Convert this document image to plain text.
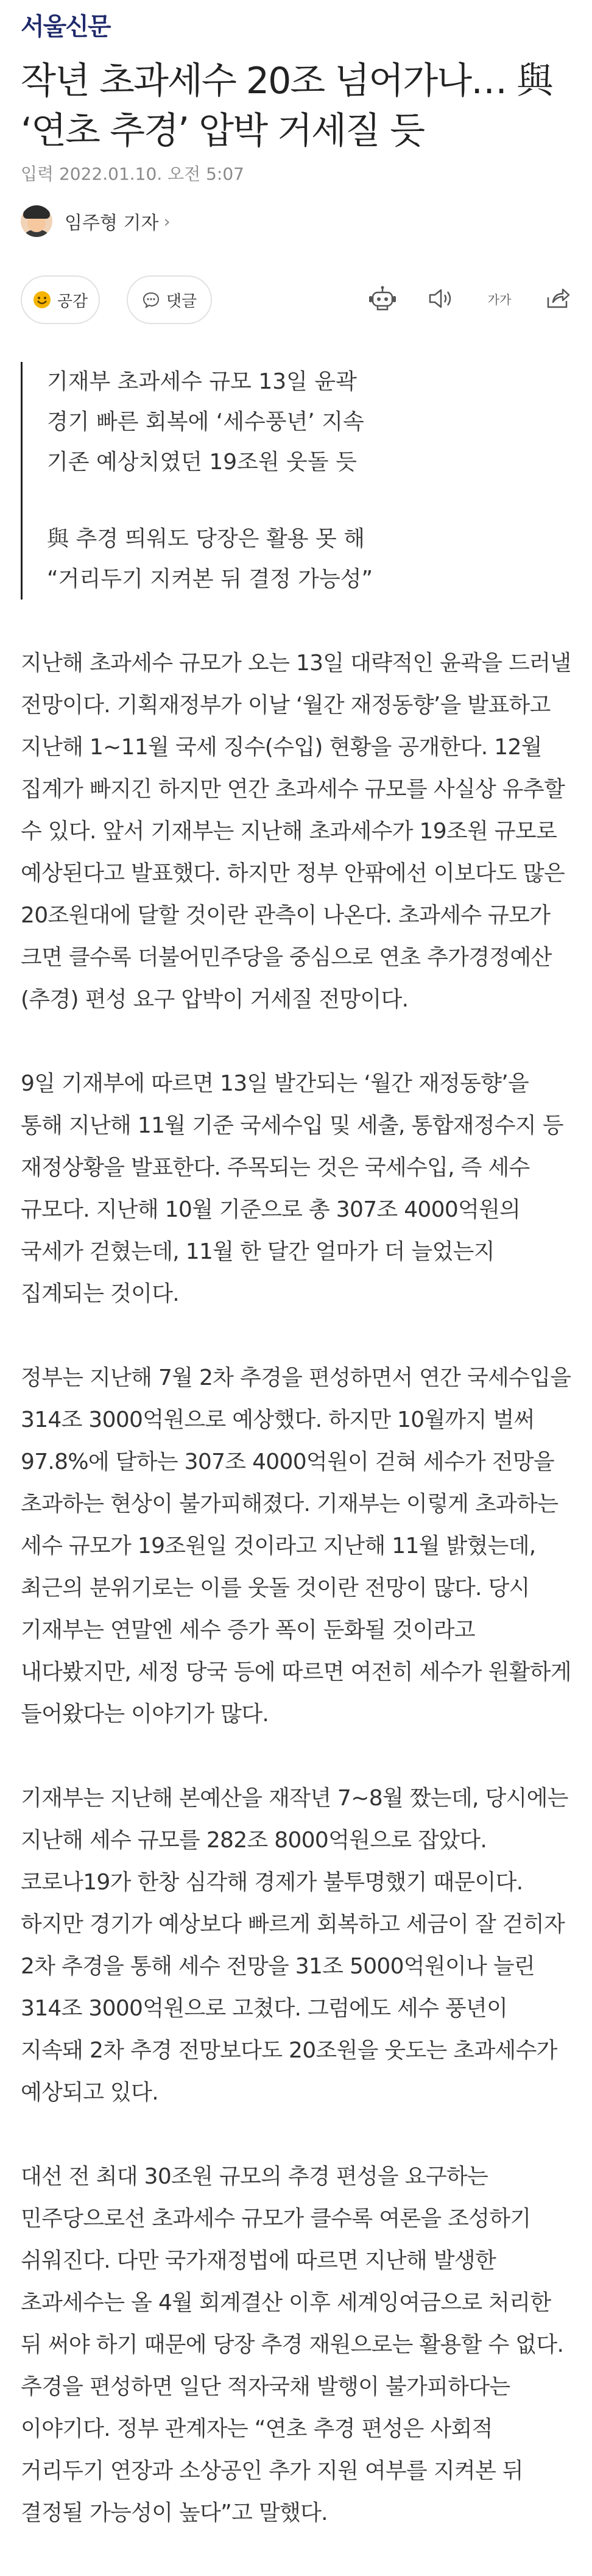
서울신문
작년 초과세수 20조 넘어가나… 與 ‘연초 추경’ 압박 거세질 듯
입력 2022.01.10. 오전 5:07
임주형 기자 ›
공감	댓글	가가
기재부 초과세수 규모 13일 윤곽
경기 빠른 회복에 ‘세수풍년’ 지속
기존 예상치였던 19조원 웃돌 듯
與 추경 띄워도 당장은 활용 못 해
“거리두기 지켜본 뒤 결정 가능성”

지난해 초과세수 규모가 오는 13일 대략적인 윤곽을 드러낼 전망이다. 기획재정부가 이날 ‘월간 재정동향’을 발표하고 지난해 1~11월 국세 징수(수입) 현황을 공개한다. 12월 집계가 빠지긴 하지만 연간 초과세수 규모를 사실상 유추할 수 있다. 앞서 기재부는 지난해 초과세수가 19조원 규모로 예상된다고 발표했다. 하지만 정부 안팎에선 이보다도 많은 20조원대에 달할 것이란 관측이 나온다. 초과세수 규모가 크면 클수록 더불어민주당을 중심으로 연초 추가경정예산(추경) 편성 요구 압박이 거세질 전망이다.

9일 기재부에 따르면 13일 발간되는 ‘월간 재정동향’을 통해 지난해 11월 기준 국세수입 및 세출, 통합재정수지 등 재정상황을 발표한다. 주목되는 것은 국세수입, 즉 세수 규모다. 지난해 10월 기준으로 총 307조 4000억원의 국세가 걷혔는데, 11월 한 달간 얼마가 더 늘었는지 집계되는 것이다.

정부는 지난해 7월 2차 추경을 편성하면서 연간 국세수입을 314조 3000억원으로 예상했다. 하지만 10월까지 벌써 97.8%에 달하는 307조 4000억원이 걷혀 세수가 전망을 초과하는 현상이 불가피해졌다. 기재부는 이렇게 초과하는 세수 규모가 19조원일 것이라고 지난해 11월 밝혔는데, 최근의 분위기로는 이를 웃돌 것이란 전망이 많다. 당시 기재부는 연말엔 세수 증가 폭이 둔화될 것이라고 내다봤지만, 세정 당국 등에 따르면 여전히 세수가 원활하게 들어왔다는 이야기가 많다.

기재부는 지난해 본예산을 재작년 7~8월 짰는데, 당시에는 지난해 세수 규모를 282조 8000억원으로 잡았다. 코로나19가 한창 심각해 경제가 불투명했기 때문이다. 하지만 경기가 예상보다 빠르게 회복하고 세금이 잘 걷히자 2차 추경을 통해 세수 전망을 31조 5000억원이나 늘린 314조 3000억원으로 고쳤다. 그럼에도 세수 풍년이 지속돼 2차 추경 전망보다도 20조원을 웃도는 초과세수가 예상되고 있다.

대선 전 최대 30조원 규모의 추경 편성을 요구하는 민주당으로선 초과세수 규모가 클수록 여론을 조성하기 쉬워진다. 다만 국가재정법에 따르면 지난해 발생한 초과세수는 올 4월 회계결산 이후 세계잉여금으로 처리한 뒤 써야 하기 때문에 당장 추경 재원으로는 활용할 수 없다. 추경을 편성하면 일단 적자국채 발행이 불가피하다는 이야기다. 정부 관계자는 “연초 추경 편성은 사회적 거리두기 연장과 소상공인 추가 지원 여부를 지켜본 뒤 결정될 가능성이 높다”고 말했다.
